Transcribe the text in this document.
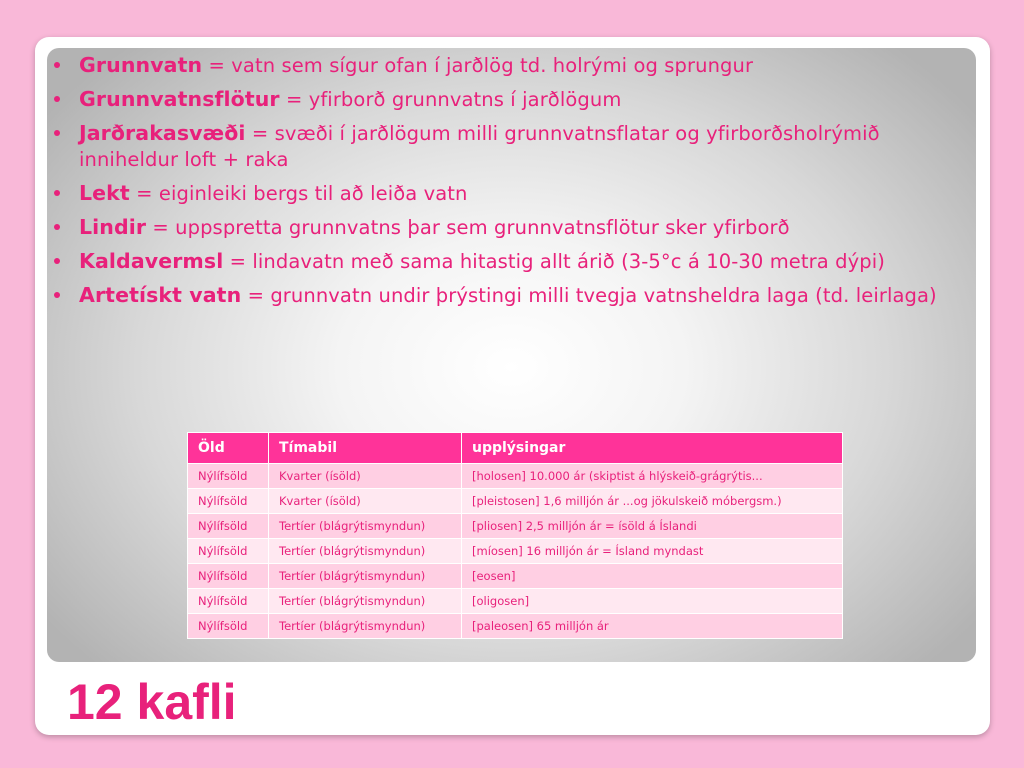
Grunnvatn = vatn sem sígur ofan í jarðlög td. holrými og sprungur
Grunnvatnsflötur = yfirborð grunnvatns í jarðlögum
Jarðrakasvæði = svæði í jarðlögum milli grunnvatnsflatar og yfirborðsholrýmið inniheldur loft + raka
Lekt = eiginleiki bergs til að leiða vatn
Lindir = uppspretta grunnvatns þar sem grunnvatnsflötur sker yfirborð
Kaldavermsl = lindavatn með sama hitastig allt árið (3-5°c á 10-30 metra dýpi)
Artetískt vatn = grunnvatn undir þrýstingi milli tvegja vatnsheldra laga (td. leirlaga)
Öld	Tímabil	upplýsingar
Nýlífsöld	Kvarter (ísöld)	[holosen] 10.000 ár (skiptist á hlýskeið-grágrýtis...
Nýlífsöld	Kvarter (ísöld)	[pleistosen] 1,6 milljón ár ...og jökulskeið móbergsm.)
Nýlífsöld	Tertíer (blágrýtismyndun)	[pliosen] 2,5 milljón ár = ísöld á Íslandi
Nýlífsöld	Tertíer (blágrýtismyndun)	[míosen] 16 milljón ár = Ísland myndast
Nýlífsöld	Tertíer (blágrýtismyndun)	[eosen]
Nýlífsöld	Tertíer (blágrýtismyndun)	[oligosen]
Nýlífsöld	Tertíer (blágrýtismyndun)	[paleosen] 65 milljón ár
12 kafli
